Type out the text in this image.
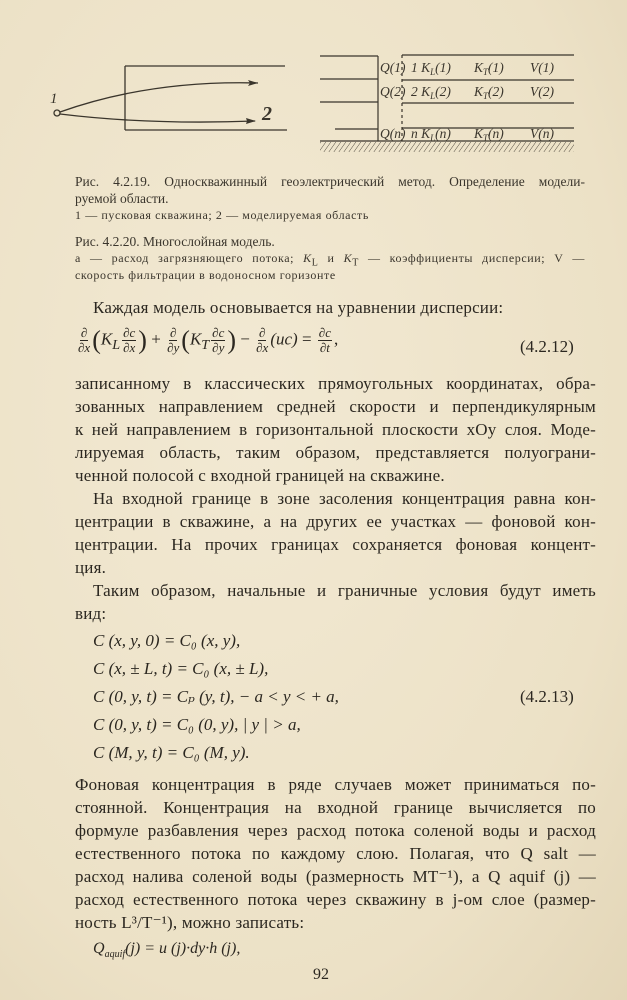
1
2
Q(1) 1 $K_L(1)$ $K_T(1)$ V(1)
Q(2) 2 $K_L(2)$ $K_T(2)$ V(2)
Q(n) n $K_L(n)$ $K_T(n)$ V(n)
Рис. 4.2.19. Односкважинный геоэлектрический метод. Определение модели-
руемой области.
1 — пусковая скважина; 2 — моделируемая область
Рис. 4.2.20. Многослойная модель.
a — расход загрязняющего потока; $K_L$ и $K_T$ — коэффициенты дисперсии; V —
скорость фильтрации в водоносном горизонте
Каждая модель основывается на уравнении дисперсии:
$\frac{\partial}{\partial x} (K_L \frac{\partial c}{\partial x}$ ) + $\frac{\partial}{\partial y} (K_T \frac{\partial c}{\partial y}$ ) − $\frac{\partial}{\partial x} (uc) = \frac{\partial c}{\partial t}$ ,	(4.2.12)
записанному в классических прямоугольных координатах, обра-
зованных направлением средней скорости и перпендикулярным
к ней направлением в горизонтальной плоскости xOy слоя. Моде-
лируемая область, таким образом, представляется полуограни-
ченной полосой с входной границей на скважине.
На входной границе в зоне засоления концентрация равна кон-
центрации в скважине, а на других ее участках — фоновой кон-
центрации. На прочих границах сохраняется фоновая концент-
ция.
Таким образом, начальные и граничные условия будут иметь
вид:
C (x, y, 0) = C₀ (x, y),
C (x, ± L, t) = C₀ (x, ± L),
C (0, y, t) = Cₚ (y, t), − a < y < + a,	(4.2.13)
C (0, y, t) = C₀ (0, y), | y | > a,
C (M, y, t) = C₀ (M, y).
Фоновая концентрация в ряде случаев может приниматься по-
стоянной. Концентрация на входной границе вычисляется по
формуле разбавления через расход потока соленой воды и расход
естественного потока по каждому слою. Полагая, что Q salt —
расход налива соленой воды (размерность MT⁻¹), а Q aquif (j) —
расход естественного потока через скважину в j-ом слое (размер-
ность L³/T⁻¹), можно записать:
$Q_{aquif}(j) = u$ (j)·dy·h (j),
92
